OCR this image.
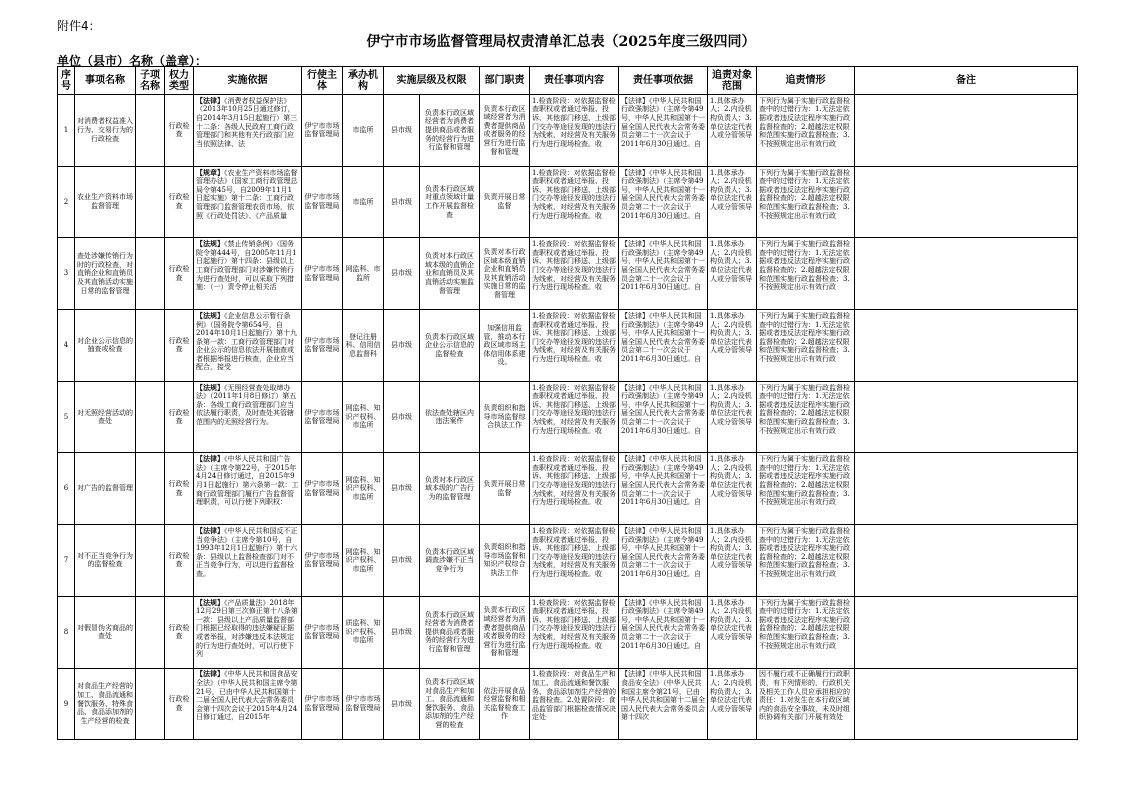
附件4：
伊宁市市场监督管理局权责清单汇总表（2025年度三级四同）
单位（县市）名称（盖章）：
序号	事项名称	子项名称	权力类型	实施依据	行使主体	承办机构	实施层级及权限		部门职责	责任事项内容	责任事项依据	追责对象范围	追责情形	备注
1	对消费者权益准入行为、交易行为的行政检查		行政检查	【法律】《消费者权益保护法》（2013年10月25日通过修订，自2014年3月15日起施行）第三十二条：各级人民政府工商行政管理部门和其他有关行政部门应当依照法律、法	伊宁市市场监督管理局	市监所	县市级	负责本行政区域经营者为消费者提供商品或者服务的经营行为进行监督和管理	负责本行政区域经营者为消费者提供商品或者服务的经营行为进行监督和管理	1.检查阶段：对依据监督检查职权或者通过举报、投诉、其他部门移送、上级部门交办等途径发现的违法行为线索，对经营及有关服务行为进行现场检查。收	【法律】《中华人民共和国行政强制法》（主席令第49号，中华人民共和国第十一届全国人民代表大会常务委员会第二十一次会议于2011年6月30日通过。自	1.具体承办人；2.内设机构负责人；3.单位法定代表人或分管领导	下列行为属于实施行政监督检查中的过错行为：1.无法定依据或者违反法定程序实施行政监督检查的；2.超越法定权限和范围实施行政监督检查；3.不按照规定出示有效行政	

2	农业生产资料市场监督管理		行政检查	【规章】《农业生产资料市场监督管理办法》（国家工商行政管理总局令第45号，自2009年11月1日起实施）第十二条：工商行政管理部门监督管理农资市场，依照《行政处罚法》、《产品质量	伊宁市市场监督管理局	市监所	县市级	负责本行政区域对重点领域计量工作开展监督检查	负责开展日常监督	1.检查阶段：对依据监督检查职权或者通过举报、投诉、其他部门移送、上级部门交办等途径发现的违法行为线索，对经营及有关服务行为进行现场检查。收	【法律】《中华人民共和国行政强制法》（主席令第49号，中华人民共和国第十一届全国人民代表大会常务委员会第二十一次会议于2011年6月30日通过。自	1.具体承办人；2.内设机构负责人；3.单位法定代表人或分管领导	下列行为属于实施行政监督检查中的过错行为：1.无法定依据或者违反法定程序实施行政监督检查的；2.超越法定权限和范围实施行政监督检查；3.不按照规定出示有效行政	

3	查处涉嫌传销行为时的行政检查，对直销企业和直销员及其直销活动实施日常的监督管理		行政检查	【法规】《禁止传销条例》（国务院令第444号，自2005年11月1日起施行）第十四条：县级以上工商行政管理部门对涉嫌传销行为进行查处时，可以采取下列措施：（一）责令停止相关活	伊宁市市场监督管理局	网监科、市监所	县市级	负责对本行政区域本级的直销企业和直销员及其直销活动实施监督管理	负责对本行政区域本级直销企业和直销员及其直销活动实施日常的监督管理	1.检查阶段：对依据监督检查职权或者通过举报、投诉、其他部门移送、上级部门交办等途径发现的违法行为线索，对经营及有关服务行为进行现场检查。收	【法律】《中华人民共和国行政强制法》（主席令第49号，中华人民共和国第十一届全国人民代表大会常务委员会第二十一次会议于2011年6月30日通过。自	1.具体承办人；2.内设机构负责人；3.单位法定代表人或分管领导	下列行为属于实施行政监督检查中的过错行为：1.无法定依据或者违反法定程序实施行政监督检查的；2.超越法定权限和范围实施行政监督检查；3.不按照规定出示有效行政	

4	对企业公示信息的抽查或检查		行政检查	【法规】《企业信息公示暂行条例》（国务院令第654号，自2014年10月1日起施行）第十九条第一款：工商行政管理部门对企业公示的信息依法开展抽查或者根据举报进行核查，企业应当配合，接受	伊宁市市场监督管理局	登记注册科、信用信息监督科	县市级	负责本行政区域企业公示信息的监督检查	加强信用监管，推动本行政区域市场主体信用体系建设。	1.检查阶段：对依据监督检查职权或者通过举报、投诉、其他部门移送、上级部门交办等途径发现的违法行为线索，对经营及有关服务行为进行现场检查。收	【法律】《中华人民共和国行政强制法》（主席令第49号，中华人民共和国第十一届全国人民代表大会常务委员会第二十一次会议于2011年6月30日通过。自	1.具体承办人；2.内设机构负责人；3.单位法定代表人或分管领导	下列行为属于实施行政监督检查中的过错行为：1.无法定依据或者违反法定程序实施行政监督检查的；2.超越法定权限和范围实施行政监督检查；3.不按照规定出示有效行政	

5	对无照经营活动的查处		行政检查	【法规】《无照经营查处取缔办法》（2011年1月8日修订）第五条：各级工商行政管理部门应当依法履行职责，及时查处其管辖范围内的无照经营行为。	伊宁市市场监督管理局	网监科、知识产权科、市监所	县市级	依法查处辖区内违法案件	负责组织和指导市场监督综合执法工作	1.检查阶段：对依据监督检查职权或者通过举报、投诉、其他部门移送、上级部门交办等途径发现的违法行为线索，对经营及有关服务行为进行现场检查。收	【法律】《中华人民共和国行政强制法》（主席令第49号，中华人民共和国第十一届全国人民代表大会常务委员会第二十一次会议于2011年6月30日通过。自	1.具体承办人；2.内设机构负责人；3.单位法定代表人或分管领导	下列行为属于实施行政监督检查中的过错行为：1.无法定依据或者违反法定程序实施行政监督检查的；2.超越法定权限和范围实施行政监督检查；3.不按照规定出示有效行政	

6	对广告的监督管理		行政检查	【法律】《中华人民共和国广告法》（主席令第22号，于2015年4月24日修订通过，自2015年9月1日起施行）第六条第一款：工商行政管理部门履行广告监督管理职责，可以行使下列职权：	伊宁市市场监督管理局	网监科、知识产权科、市监所	县市级	负责对本行政区域本级的广告行为的监督管理	负责开展日常监督	1.检查阶段：对依据监督检查职权或者通过举报、投诉、其他部门移送、上级部门交办等途径发现的违法行为线索，对经营及有关服务行为进行现场检查。收	【法律】《中华人民共和国行政强制法》（主席令第49号，中华人民共和国第十一届全国人民代表大会常务委员会第二十一次会议于2011年6月30日通过。自	1.具体承办人；2.内设机构负责人；3.单位法定代表人或分管领导	下列行为属于实施行政监督检查中的过错行为：1.无法定依据或者违反法定程序实施行政监督检查的；2.超越法定权限和范围实施行政监督检查；3.不按照规定出示有效行政	

7	对不正当竞争行为的监督检查		行政检查	【法律】《中华人民共和国反不正当竞争法》（主席令第10号，自1993年12月1日起施行）第十六条：县级以上监督检查部门对不正当竞争行为，可以进行监督检查。	伊宁市市场监督管理局	网监科、知识产权科、市监所	县市级	负责本行政区域调查涉嫌不正当竞争行为	负责组织和指导市场监督和知识产权综合执法工作	1.检查阶段：对依据监督检查职权或者通过举报、投诉、其他部门移送、上级部门交办等途径发现的违法行为线索，对经营及有关服务行为进行现场检查。收	【法律】《中华人民共和国行政强制法》（主席令第49号，中华人民共和国第十一届全国人民代表大会常务委员会第二十一次会议于2011年6月30日通过。自	1.具体承办人；2.内设机构负责人；3.单位法定代表人或分管领导	下列行为属于实施行政监督检查中的过错行为：1.无法定依据或者违反法定程序实施行政监督检查的；2.超越法定权限和范围实施行政监督检查；3.不按照规定出示有效行政	

8	对假冒伪劣商品的查处		行政检查	【法规】《产品质量法》2018年12月29日第三次修正第十八条第一款：县级以上产品质量监督部门根据已经取得的违法嫌疑证据或者举报，对涉嫌违反本法规定的行为进行查处时，可以行使下列	伊宁市市场监督管理局	质监科、知识产权科、市监所	县市级	负责本行政区域经营者为消费者提供商品或者服务的经营行为进行监督和管理	负责本行政区域经营者为消费者提供商品或者服务的经营行为进行监督和管理	1.检查阶段：对依据监督检查职权或者通过举报、投诉、其他部门移送、上级部门交办等途径发现的违法行为线索，对经营及有关服务行为进行现场检查。收	【法律】《中华人民共和国行政强制法》（主席令第49号，中华人民共和国第十一届全国人民代表大会常务委员会第二十一次会议于2011年6月30日通过。自	1.具体承办人；2.内设机构负责人；3.单位法定代表人或分管领导	下列行为属于实施行政监督检查中的过错行为：1.无法定依据或者违反法定程序实施行政监督检查的；2.超越法定权限和范围实施行政监督检查；3.不按照规定出示有效行政	

9	对食品生产经营的加工、食品流通和餐饮服务、特殊食品、食品添加剂的生产经营的检查		行政检查	【法律】《中华人民共和国食品安全法》（中华人民共和国主席令第21号，已由中华人民共和国第十二届全国人民代表大会常务委员会第十四次会议于2015年4月24日修订通过，自2015年	伊宁市市场监督管理局	伊宁市市场监督管理局	县市级	负责本行政区域对食品生产和加工、食品流通和餐饮服务、食品添加剂的生产经营的检查	依法开展食品经营监督和相关监督检查工作	1.检查阶段：对食品生产和加工、食品流通和餐饮服务、食品添加剂生产经营的监督检查。2.处置阶段：食品监管部门根据检查情况决定处	【法律】《中华人民共和国食品安全法》（中华人民共和国主席令第21号，已由中华人民共和国第十二届全国人民代表大会常务委员会第十四次	1.具体承办人；2.内设机构负责人；3.单位法定代表人或分管领导	因不履行或不正确履行行政职责，有下列情形的，行政机关及相关工作人员应承担相应的责任：1.对发生在本行政区域内的食品安全事故，未及时组织协调有关部门开展有效处	
